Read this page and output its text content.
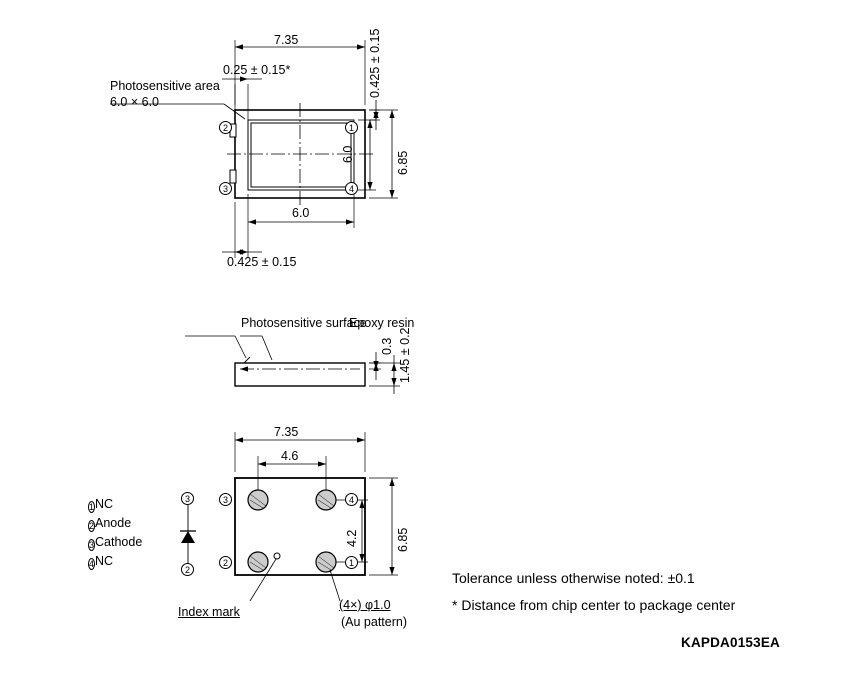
7.35
0.25 ± 0.15*	0.425 ± 0.15
6.85
6.0
6.0
0.425 ± 0.15
Photosensitive area
6.0 × 6.0
2
3
1
4
Epoxy resin
Photosensitive surface
1.45 ± 0.2
0.3
7.35
4.6
4.2	6.85
3	4
2	1
3
2
Index mark	(4×) φ1.0
(Au pattern)
1NC
2Anode
3Cathode
4NC
Tolerance unless otherwise noted: ±0.1
* Distance from chip center to package center
KAPDA0153EA
